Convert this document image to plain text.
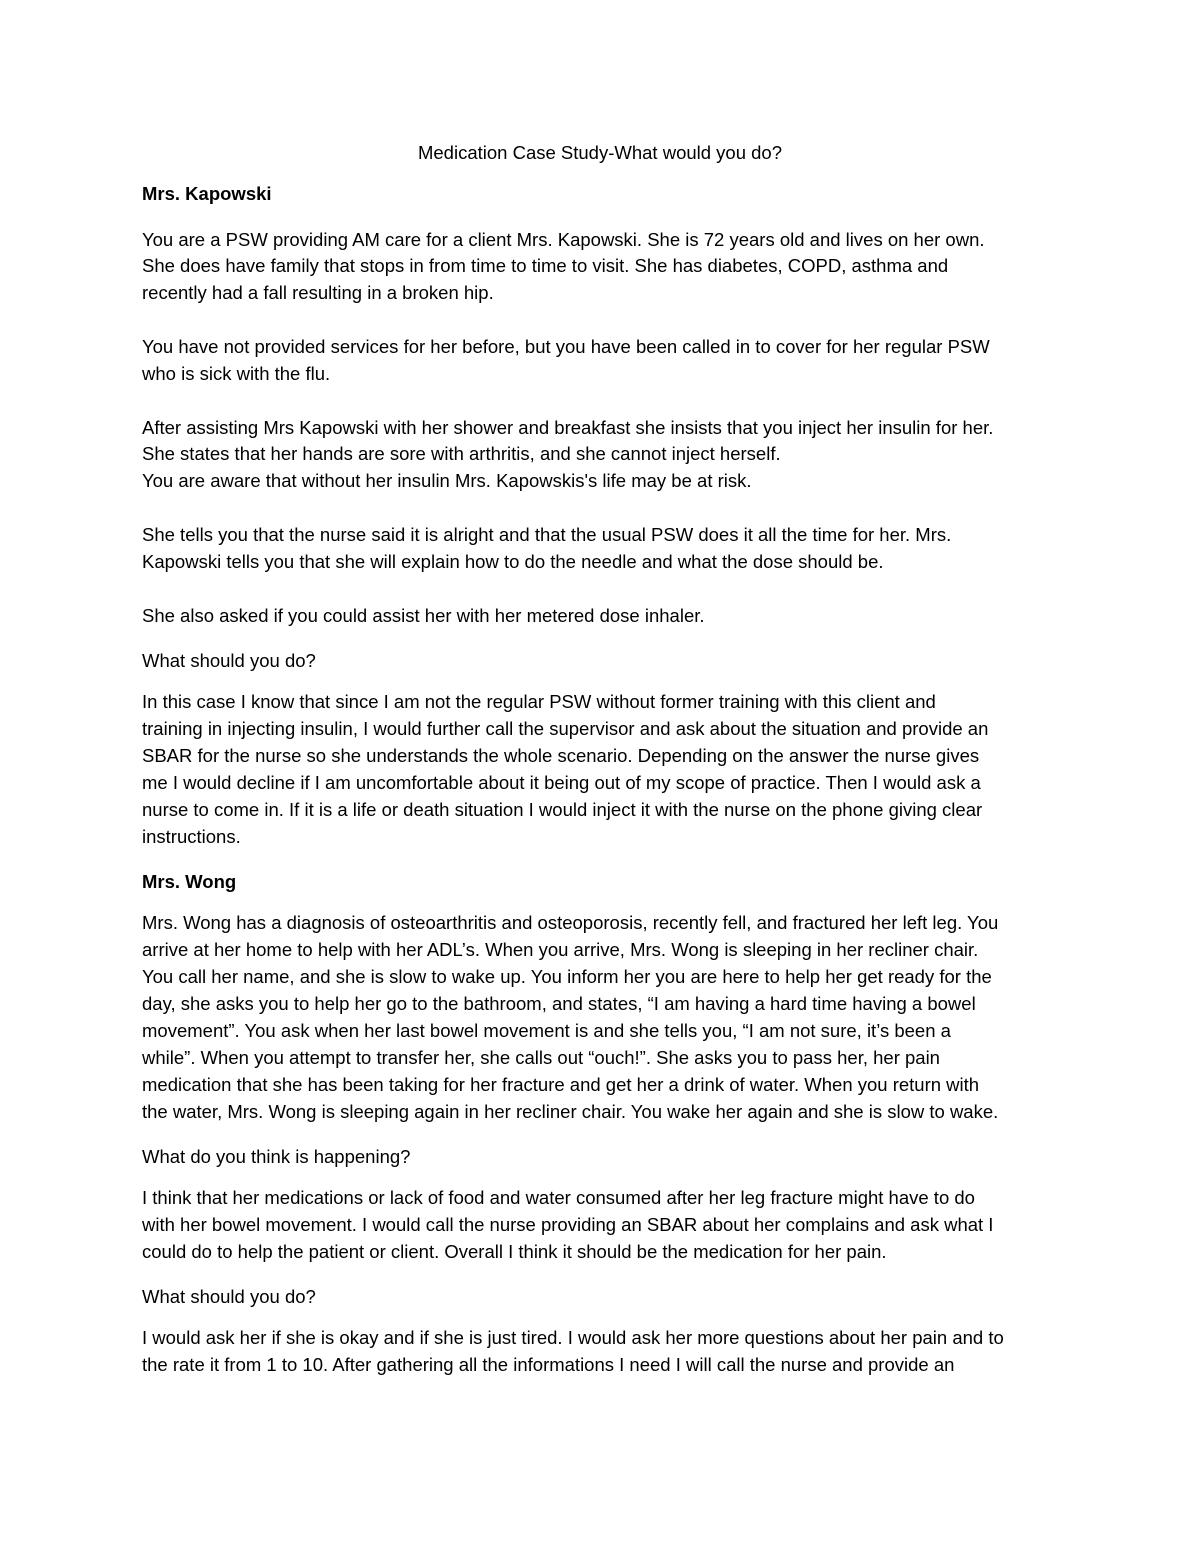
Medication Case Study-What would you do?
Mrs. Kapowski
You are a PSW providing AM care for a client Mrs. Kapowski. She is 72 years old and lives on her own.
She does have family that stops in from time to time to visit. She has diabetes, COPD, asthma and
recently had a fall resulting in a broken hip.
You have not provided services for her before, but you have been called in to cover for her regular PSW
who is sick with the flu.
After assisting Mrs Kapowski with her shower and breakfast she insists that you inject her insulin for her.
She states that her hands are sore with arthritis, and she cannot inject herself.
You are aware that without her insulin Mrs. Kapowskis's life may be at risk.
She tells you that the nurse said it is alright and that the usual PSW does it all the time for her. Mrs.
Kapowski tells you that she will explain how to do the needle and what the dose should be.
She also asked if you could assist her with her metered dose inhaler.
What should you do?
In this case I know that since I am not the regular PSW without former training with this client and
training in injecting insulin, I would further call the supervisor and ask about the situation and provide an
SBAR for the nurse so she understands the whole scenario. Depending on the answer the nurse gives
me I would decline if I am uncomfortable about it being out of my scope of practice. Then I would ask a
nurse to come in. If it is a life or death situation I would inject it with the nurse on the phone giving clear
instructions.
Mrs. Wong
Mrs. Wong has a diagnosis of osteoarthritis and osteoporosis, recently fell, and fractured her left leg. You
arrive at her home to help with her ADL’s. When you arrive, Mrs. Wong is sleeping in her recliner chair.
You call her name, and she is slow to wake up. You inform her you are here to help her get ready for the
day, she asks you to help her go to the bathroom, and states, “I am having a hard time having a bowel
movement”. You ask when her last bowel movement is and she tells you, “I am not sure, it’s been a
while”. When you attempt to transfer her, she calls out “ouch!”. She asks you to pass her, her pain
medication that she has been taking for her fracture and get her a drink of water. When you return with
the water, Mrs. Wong is sleeping again in her recliner chair. You wake her again and she is slow to wake.
What do you think is happening?
I think that her medications or lack of food and water consumed after her leg fracture might have to do
with her bowel movement. I would call the nurse providing an SBAR about her complains and ask what I
could do to help the patient or client. Overall I think it should be the medication for her pain.
What should you do?
I would ask her if she is okay and if she is just tired. I would ask her more questions about her pain and to
the rate it from 1 to 10. After gathering all the informations I need I will call the nurse and provide an
